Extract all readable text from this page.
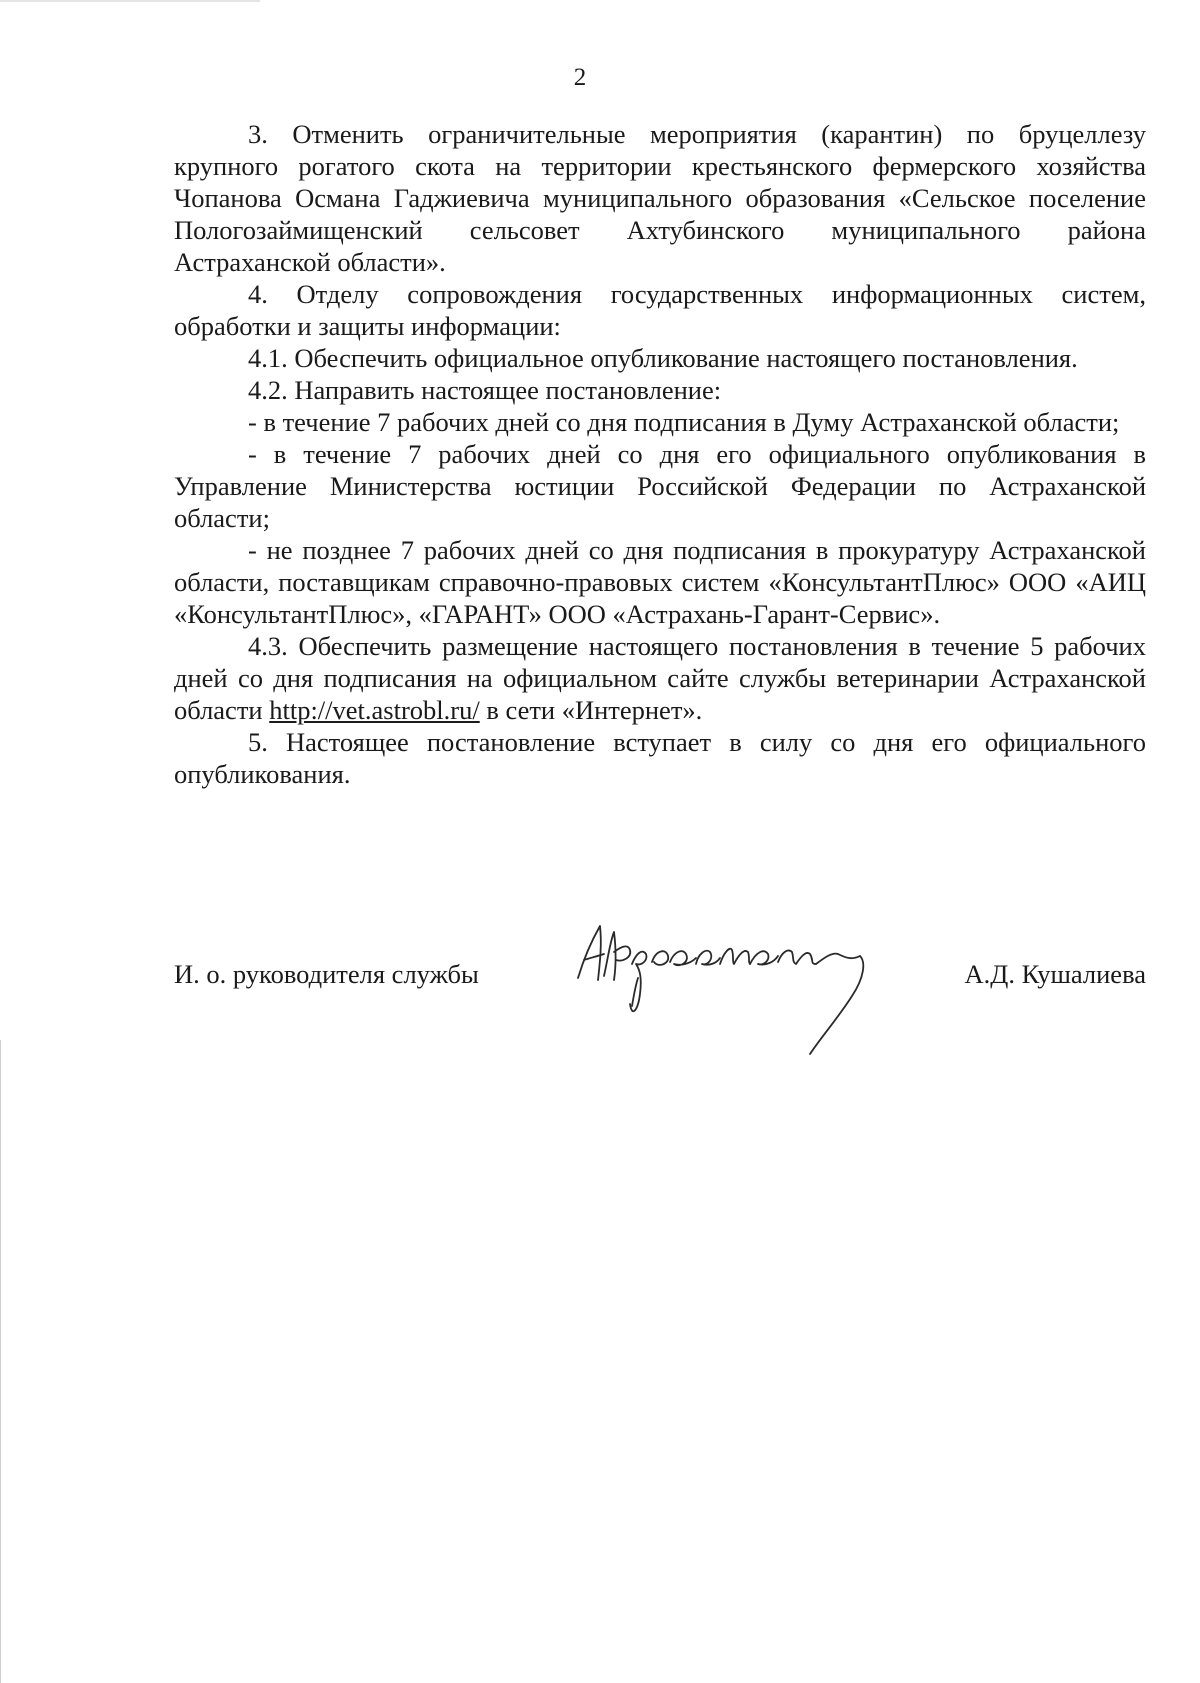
2

3. Отменить ограничительные мероприятия (карантин) по бруцеллезу крупного рогатого скота на территории крестьянского фермерского хозяйства Чопанова Османа Гаджиевича муниципального образования «Сельское поселение Пологозаймищенский сельсовет Ахтубинского муниципального района Астраханской области».

4. Отделу сопровождения государственных информационных систем, обработки и защиты информации:

4.1. Обеспечить официальное опубликование настоящего постановления.

4.2. Направить настоящее постановление:

- в течение 7 рабочих дней со дня подписания в Думу Астраханской области;

- в течение 7 рабочих дней со дня его официального опубликования в Управление Министерства юстиции Российской Федерации по Астраханской области;

- не позднее 7 рабочих дней со дня подписания в прокуратуру Астраханской области, поставщикам справочно-правовых систем «КонсультантПлюс» ООО «АИЦ «КонсультантПлюс», «ГАРАНТ» ООО «Астрахань-Гарант-Сервис».

4.3. Обеспечить размещение настоящего постановления в течение 5 рабочих дней со дня подписания на официальном сайте службы ветеринарии Астраханской области http://vet.astrobl.ru/ в сети «Интернет».

5. Настоящее постановление вступает в силу со дня его официального опубликования.

И. о. руководителя службы	А.Д. Кушалиева
